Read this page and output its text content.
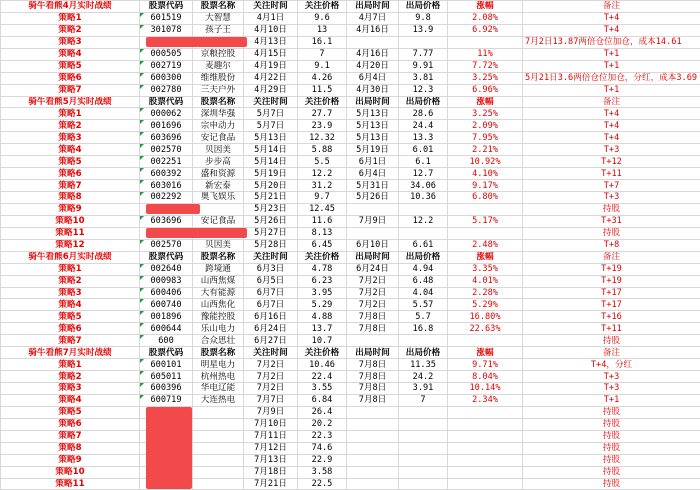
骑牛看熊4月实时战绩	股票代码	股票名称	关注时间	关注价格	出局时间	出局价格	涨幅	备注
策略1	601519	大智慧	4月1日	9.6	4月7日	9.8	2.08%	T+4
策略2	301078	孩子王	4月10日	13	4月16日	13.9	6.92%	T+4
策略3			4月13日	16.1				7月2日13.87两倍仓位加仓，成本14.61
策略4	000505	京粮控股	4月15日	7	4月16日	7.77	11%	T+1
策略5	002719	麦趣尔	4月19日	9.1	4月20日	9.91	7.72%	T+1
策略6	600300	维维股份	4月22日	4.26	6月4日	3.81	3.25%	5月21日3.6两倍仓位加仓，分红，成本3.69
策略7	002780	三夫户外	4月29日	11.5	4月30日	12.3	6.96%	T+1
骑牛看熊5月实时战绩	股票代码	股票名称	关注时间	关注价格	出局时间	出局价格	涨幅	备注
策略1	000062	深圳华强	5月7日	27.7	5月13日	28.6	3.25%	T+4
策略2	001696	宗申动力	5月7日	23.9	5月13日	24.4	2.09%	T+4
策略3	603696	安记食品	5月13日	12.32	5月13日	13.3	7.95%	T+4
策略4	002570	贝因美	5月14日	5.88	5月19日	6.01	2.21%	T+3
策略5	002251	步步高	5月14日	5.5	6月1日	6.1	10.92%	T+12
策略6	600392	盛和资源	5月19日	12.2	6月4日	12.7	4.10%	T+11
策略7	603016	新宏泰	5月20日	31.2	5月31日	34.06	9.17%	T+7
策略8	002292	奥飞娱乐	5月21日	9.7	5月26日	10.36	6.80%	T+3
策略9			5月23日	12.45				持股
策略10	603696	安记食品	5月26日	11.6	7月9日	12.2	5.17%	T+31
策略11			5月27日	8.13				持股
策略12	002570	贝因美	5月28日	6.45	6月10日	6.61	2.48%	T+8
骑牛看熊6月实时战绩	股票代码	股票名称	关注时间	关注价格	出局时间	出局价格	涨幅	备注
策略1	002640	跨境通	6月3日	4.78	6月24日	4.94	3.35%	T+19
策略2	000983	山西焦煤	6月5日	6.23	7月2日	6.48	4.01%	T+19
策略3	600406	大有能源	6月7日	3.95	7月2日	4.04	2.28%	T+17
策略4	600740	山西焦化	6月7日	5.29	7月2日	5.57	5.29%	T+17
策略5	001896	豫能控股	6月16日	4.88	7月8日	5.7	16.80%	T+16
策略6	600644	乐山电力	6月24日	13.7	7月8日	16.8	22.63%	T+11
策略7	600	合众思壮	6月27日	10.7				持股
骑牛看熊7月实时战绩	股票代码	股票名称	关注时间	关注价格	出局时间	出局价格	涨幅	备注
策略1	600101	明星电力	7月2日	10.46	7月8日	11.35	9.71%	T+4，分红
策略2	605011	杭州热电	7月2日	22.4	7月8日	24.2	8.04%	T+3
策略3	600396	华电辽能	7月2日	3.55	7月8日	3.91	10.14%	T+3
策略4	600719	大连热电	7月7日	6.84	7月8日	7	2.34%	T+1
策略5			7月9日	26.4				持股
策略6			7月10日	20.2				持股
策略7			7月11日	22.3				持股
策略8			7月12日	74.6				持股
策略9			7月13日	22.9				持股
策略10			7月18日	3.58				持股
策略11			7月21日	22.5				持股
